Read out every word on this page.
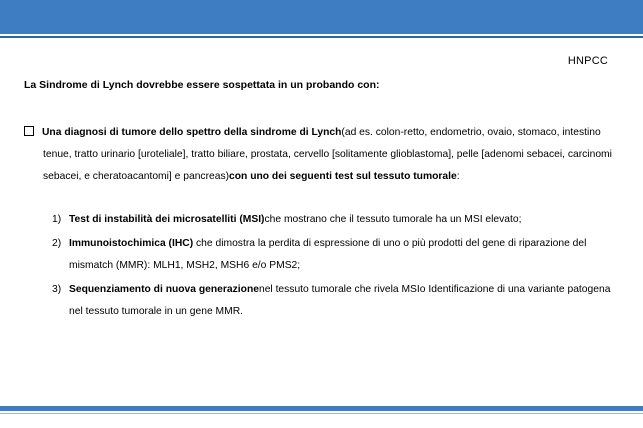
HNPCC
La Sindrome di Lynch dovrebbe essere sospettata in un probando con:
Una diagnosi di tumore dello spettro della sindrome di Lynch(ad es. colon-retto, endometrio, ovaio, stomaco, intestino tenue, tratto urinario [uroteliale], tratto biliare, prostata, cervello [solitamente glioblastoma], pelle [adenomi sebacei, carcinomi sebacei, e cheratoacantomi] e pancreas)con uno dei seguenti test sul tessuto tumorale:
1) Test di instabilità dei microsatelliti (MSI)che mostrano che il tessuto tumorale ha un MSI elevato;
2) Immunoistochimica (IHC) che dimostra la perdita di espressione di uno o più prodotti del gene di riparazione del mismatch (MMR): MLH1, MSH2, MSH6 e/o PMS2;
3) Sequenziamento di nuova generazionenel tessuto tumorale che rivela MSIo Identificazione di una variante patogena nel tessuto tumorale in un gene MMR.
